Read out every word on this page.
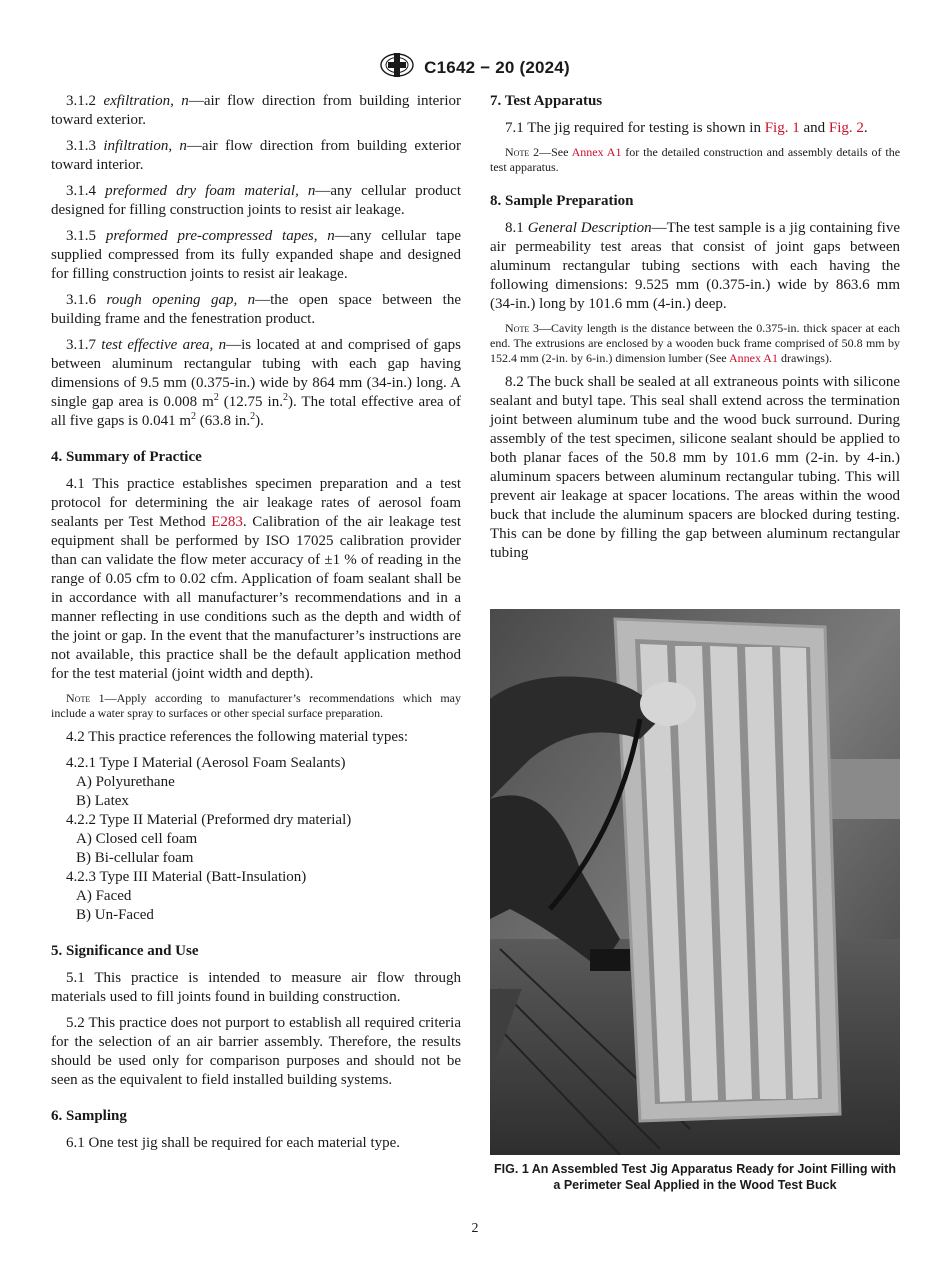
C1642 − 20 (2024)

3.1.2 exfiltration, n—air flow direction from building interior toward exterior.

3.1.3 infiltration, n—air flow direction from building exterior toward interior.

3.1.4 preformed dry foam material, n—any cellular product designed for filling construction joints to resist air leakage.

3.1.5 preformed pre-compressed tapes, n—any cellular tape supplied compressed from its fully expanded shape and designed for filling construction joints to resist air leakage.

3.1.6 rough opening gap, n—the open space between the building frame and the fenestration product.

3.1.7 test effective area, n—is located at and comprised of gaps between aluminum rectangular tubing with each gap having dimensions of 9.5 mm (0.375-in.) wide by 864 mm (34-in.) long. A single gap area is 0.008 $m^2$ (12.75 in.$^2$). The total effective area of all five gaps is 0.041 $m^2$ (63.8 in.$^2$).

4. Summary of Practice

4.1 This practice establishes specimen preparation and a test protocol for determining the air leakage rates of aerosol foam sealants per Test Method E283. Calibration of the air leakage test equipment shall be performed by ISO 17025 calibration provider than can validate the flow meter accuracy of ±1 % of reading in the range of 0.05 cfm to 0.02 cfm. Application of foam sealant shall be in accordance with all manufacturer’s recommendations and in a manner reflecting in use conditions such as the depth and width of the joint or gap. In the event that the manufacturer’s instructions are not available, this practice shall be the default application method for the test material (joint width and depth).

Note 1—Apply according to manufacturer’s recommendations which may include a water spray to surfaces or other special surface preparation.

4.2 This practice references the following material types:

4.2.1 Type I Material (Aerosol Foam Sealants)
A) Polyurethane
B) Latex
4.2.2 Type II Material (Preformed dry material)
A) Closed cell foam
B) Bi-cellular foam
4.2.3 Type III Material (Batt-Insulation)
A) Faced
B) Un-Faced
5. Significance and Use

5.1 This practice is intended to measure air flow through materials used to fill joints found in building construction.

5.2 This practice does not purport to establish all required criteria for the selection of an air barrier assembly. Therefore, the results should be used only for comparison purposes and should not be seen as the equivalent to field installed building systems.

6. Sampling

6.1 One test jig shall be required for each material type.

7. Test Apparatus

7.1 The jig required for testing is shown in Fig. 1 and Fig. 2.

Note 2—See Annex A1 for the detailed construction and assembly details of the test apparatus.
8. Sample Preparation

8.1 General Description—The test sample is a jig containing five air permeability test areas that consist of joint gaps between aluminum rectangular tubing sections with each having the following dimensions: 9.525 mm (0.375-in.) wide by 863.6 mm (34-in.) long by 101.6 mm (4-in.) deep.

Note 3—Cavity length is the distance between the 0.375-in. thick spacer at each end. The extrusions are enclosed by a wooden buck frame comprised of 50.8 mm by 152.4 mm (2-in. by 6-in.) dimension lumber (See Annex A1 drawings).

8.2 The buck shall be sealed at all extraneous points with silicone sealant and butyl tape. This seal shall extend across the termination joint between aluminum tube and the wood buck surround. During assembly of the test specimen, silicone sealant should be applied to both planar faces of the 50.8 mm by 101.6 mm (2-in. by 4-in.) aluminum spacers between aluminum rectangular tubing. This will prevent air leakage at spacer locations. The areas within the wood buck that include the aluminum spacers are blocked during testing. This can be done by filling the gap between aluminum rectangular tubing

FIG. 1 An Assembled Test Jig Apparatus Ready for Joint Filling with a Perimeter Seal Applied in the Wood Test Buck
2
